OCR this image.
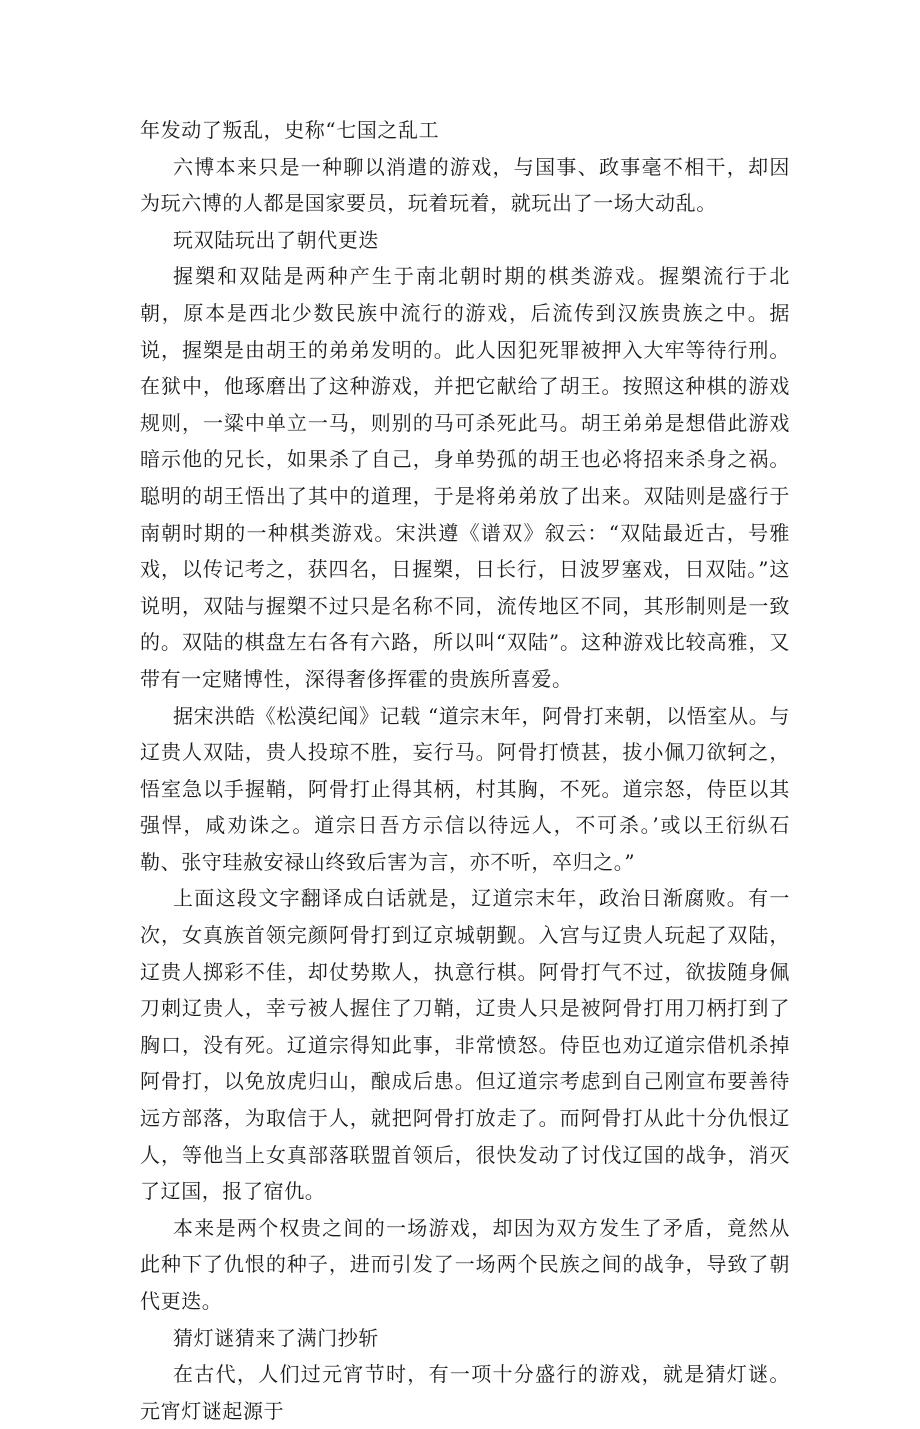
年发动了叛乱，史称“七国之乱工

六博本来只是一种聊以消遣的游戏，与国事、政事毫不相干，却因为玩六博的人都是国家要员，玩着玩着，就玩出了一场大动乱。

玩双陆玩出了朝代更迭

握槊和双陆是两种产生于南北朝时期的棋类游戏。握槊流行于北朝，原本是西北少数民族中流行的游戏，后流传到汉族贵族之中。据说，握槊是由胡王的弟弟发明的。此人因犯死罪被押入大牢等待行刑。在狱中，他琢磨出了这种游戏，并把它献给了胡王。按照这种棋的游戏规则，一粱中单立一马，则别的马可杀死此马。胡王弟弟是想借此游戏暗示他的兄长，如果杀了自己，身单势孤的胡王也必将招来杀身之祸。聪明的胡王悟出了其中的道理，于是将弟弟放了出来。双陆则是盛行于南朝时期的一种棋类游戏。宋洪遵《谱双》叙云：“双陆最近古，号雅戏，以传记考之，获四名，日握槊，日长行，日波罗塞戏，日双陆。”这说明，双陆与握槊不过只是名称不同，流传地区不同，其形制则是一致的。双陆的棋盘左右各有六路，所以叫“双陆”。这种游戏比较高雅，又带有一定赌博性，深得奢侈挥霍的贵族所喜爱。

据宋洪皓《松漠纪闻》记载 “道宗末年，阿骨打来朝，以悟室从。与辽贵人双陆，贵人投琼不胜，妄行马。阿骨打愤甚，拔小佩刀欲轲之，悟室急以手握鞘，阿骨打止得其柄，村其胸，不死。道宗怒，侍臣以其强悍，咸劝诛之。道宗日吾方示信以待远人，不可杀。’或以王衍纵石勒、张守珪赦安禄山终致后害为言，亦不听，卒归之。”

上面这段文字翻译成白话就是，辽道宗末年，政治日渐腐败。有一次，女真族首领完颜阿骨打到辽京城朝觐。入宫与辽贵人玩起了双陆，辽贵人掷彩不佳，却仗势欺人，执意行棋。阿骨打气不过，欲拔随身佩刀刺辽贵人，幸亏被人握住了刀鞘，辽贵人只是被阿骨打用刀柄打到了胸口，没有死。辽道宗得知此事，非常愤怒。侍臣也劝辽道宗借机杀掉阿骨打，以免放虎归山，酿成后患。但辽道宗考虑到自己刚宣布要善待远方部落，为取信于人，就把阿骨打放走了。而阿骨打从此十分仇恨辽人，等他当上女真部落联盟首领后，很快发动了讨伐辽国的战争，消灭了辽国，报了宿仇。

本来是两个权贵之间的一场游戏，却因为双方发生了矛盾，竟然从此种下了仇恨的种子，进而引发了一场两个民族之间的战争，导致了朝代更迭。

猜灯谜猜来了满门抄斩

在古代，人们过元宵节时，有一项十分盛行的游戏，就是猜灯谜。元宵灯谜起源于
